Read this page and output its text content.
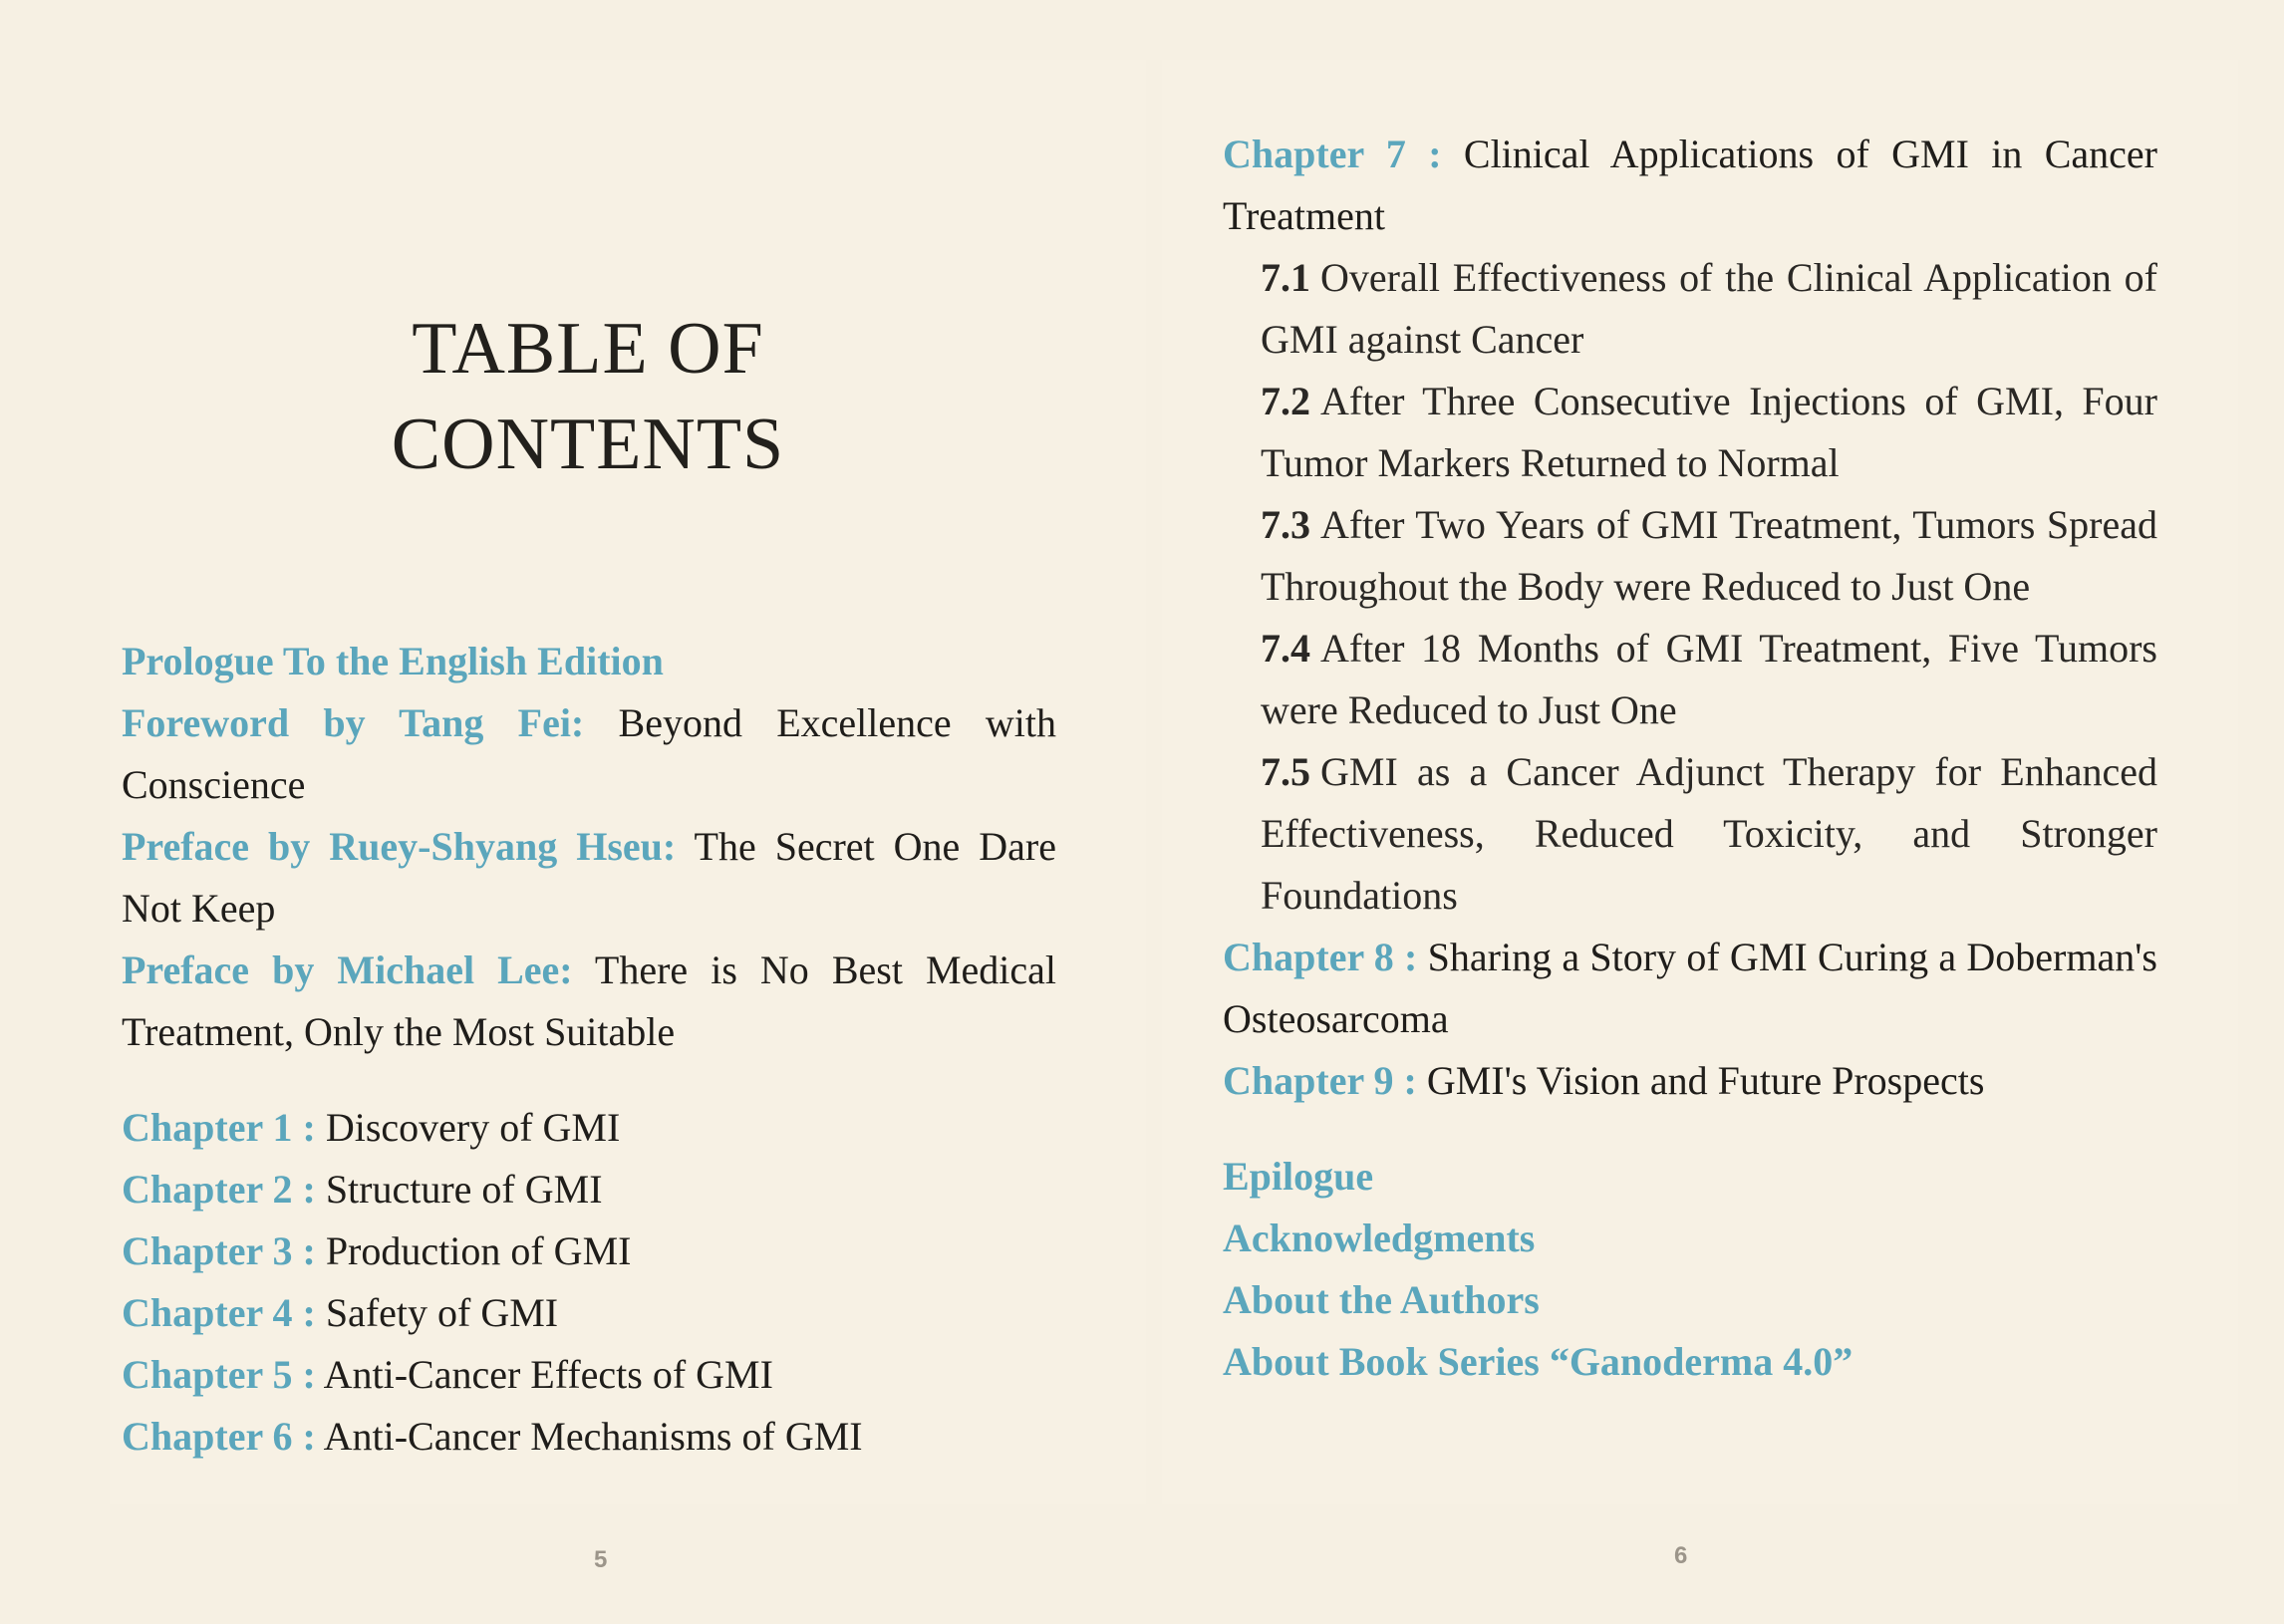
TABLE OF
CONTENTS

Prologue To the English Edition

Foreword by Tang Fei: Beyond Excellence with Conscience

Preface by Ruey-Shyang Hseu: The Secret One Dare Not Keep

Preface by Michael Lee: There is No Best Medical Treatment, Only the Most Suitable

Chapter 1 : Discovery of GMI

Chapter 2 : Structure of GMI

Chapter 3 : Production of GMI

Chapter 4 : Safety of GMI

Chapter 5 : Anti-Cancer Effects of GMI

Chapter 6 : Anti-Cancer Mechanisms of GMI

5

Chapter 7 : Clinical Applications of GMI in Cancer Treatment

7.1 Overall Effectiveness of the Clinical Application of GMI against Cancer

7.2 After Three Consecutive Injections of GMI, Four Tumor Markers Returned to Normal

7.3 After Two Years of GMI Treatment, Tumors Spread Throughout the Body were Reduced to Just One

7.4 After 18 Months of GMI Treatment, Five Tumors were Reduced to Just One

7.5 GMI as a Cancer Adjunct Therapy for Enhanced Effectiveness, Reduced Toxicity, and Stronger Foundations

Chapter 8 : Sharing a Story of GMI Curing a Doberman's Osteosarcoma

Chapter 9 : GMI's Vision and Future Prospects

Epilogue

Acknowledgments

About the Authors

About Book Series “Ganoderma 4.0”

6
